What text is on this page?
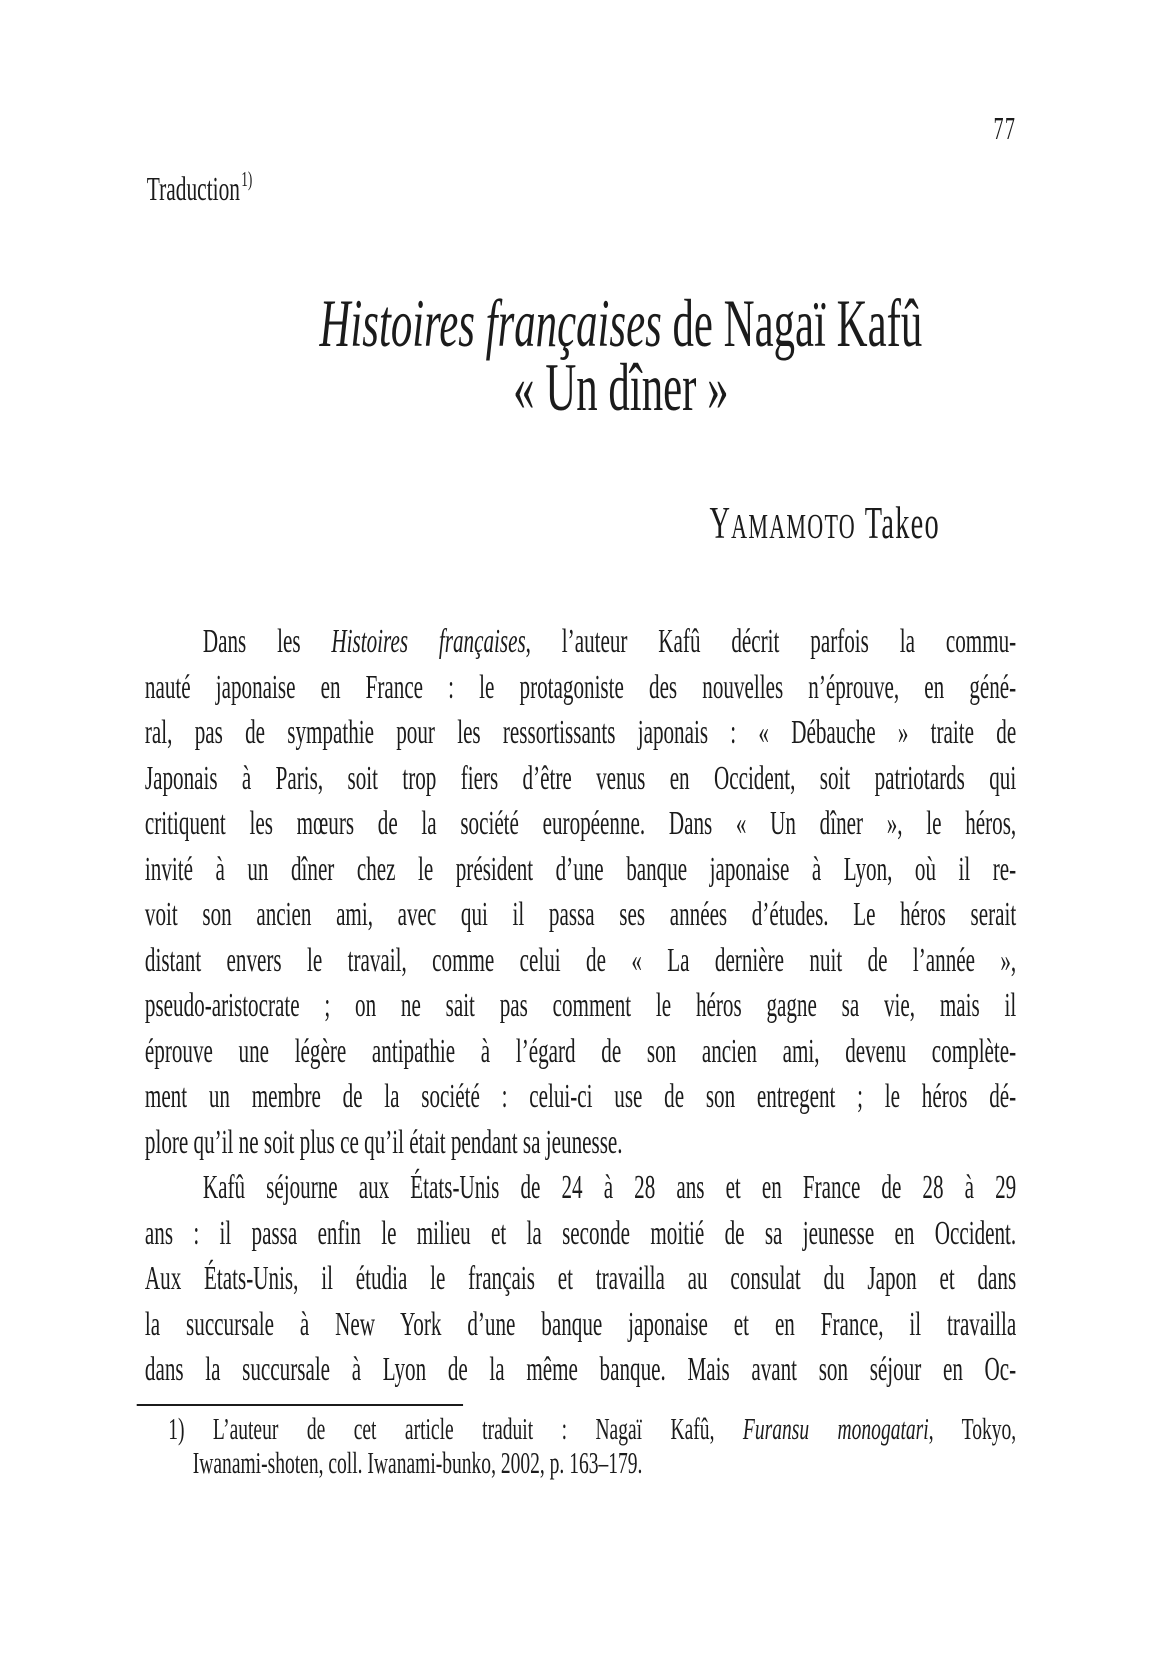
77
Traduction$^{1)}$
Histoires françaises de Nagaï Kafû
« Un dîner »
YAMAMOTO Takeo
Dans les Histoires françaises, l’auteur Kafû décrit parfois la commu-
nauté japonaise en France : le protagoniste des nouvelles n’éprouve, en géné-
ral, pas de sympathie pour les ressortissants japonais : « Débauche » traite de
Japonais à Paris, soit trop fiers d’être venus en Occident, soit patriotards qui
critiquent les mœurs de la société européenne. Dans « Un dîner », le héros,
invité à un dîner chez le président d’une banque japonaise à Lyon, où il re-
voit son ancien ami, avec qui il passa ses années d’études. Le héros serait
distant envers le travail, comme celui de « La dernière nuit de l’année »,
pseudo-aristocrate ; on ne sait pas comment le héros gagne sa vie, mais il
éprouve une légère antipathie à l’égard de son ancien ami, devenu complète-
ment un membre de la société : celui-ci use de son entregent ; le héros dé-
plore qu’il ne soit plus ce qu’il était pendant sa jeunesse.
Kafû séjourne aux États-Unis de 24 à 28 ans et en France de 28 à 29
ans : il passa enfin le milieu et la seconde moitié de sa jeunesse en Occident.
Aux États-Unis, il étudia le français et travailla au consulat du Japon et dans
la succursale à New York d’une banque japonaise et en France, il travailla
dans la succursale à Lyon de la même banque. Mais avant son séjour en Oc-
1) L’auteur de cet article traduit : Nagaï Kafû, Furansu monogatari, Tokyo,
Iwanami-shoten, coll. Iwanami-bunko, 2002, p. 163–179.
